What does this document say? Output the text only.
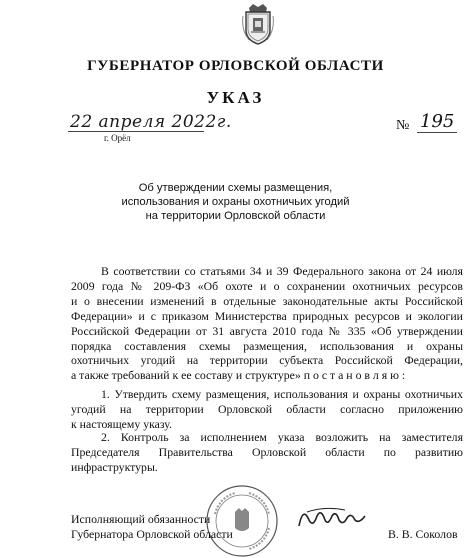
ГУБЕРНАТОР ОРЛОВСКОЙ ОБЛАСТИ
УКАЗ
22 апреля 2022г.
г. Орёл
№ 195
Об утверждении схемы размещения,
использования и охраны охотничьих угодий
на территории Орловской области
В соответствии со статьями 34 и 39 Федерального закона от 24 июля
2009 года № 209-ФЗ «Об охоте и о сохранении охотничьих ресурсов
и о внесении изменений в отдельные законодательные акты Российской
Федерации» и с приказом Министерства природных ресурсов и экологии
Российской Федерации от 31 августа 2010 года № 335 «Об утверждении
порядка составления схемы размещения, использования и охраны
охотничьих угодий на территории субъекта Российской Федерации,
а также требований к ее составу и структуре» п о с т а н о в л я ю :
1. Утвердить схему размещения, использования и охраны охотничьих
угодий на территории Орловской области согласно приложению
к настоящему указу.
2. Контроль за исполнением указа возложить на заместителя
Председателя Правительства Орловской области по развитию
инфраструктуры.
Исполняющий обязанности
Губернатора Орловской области	В. В. Соколов
